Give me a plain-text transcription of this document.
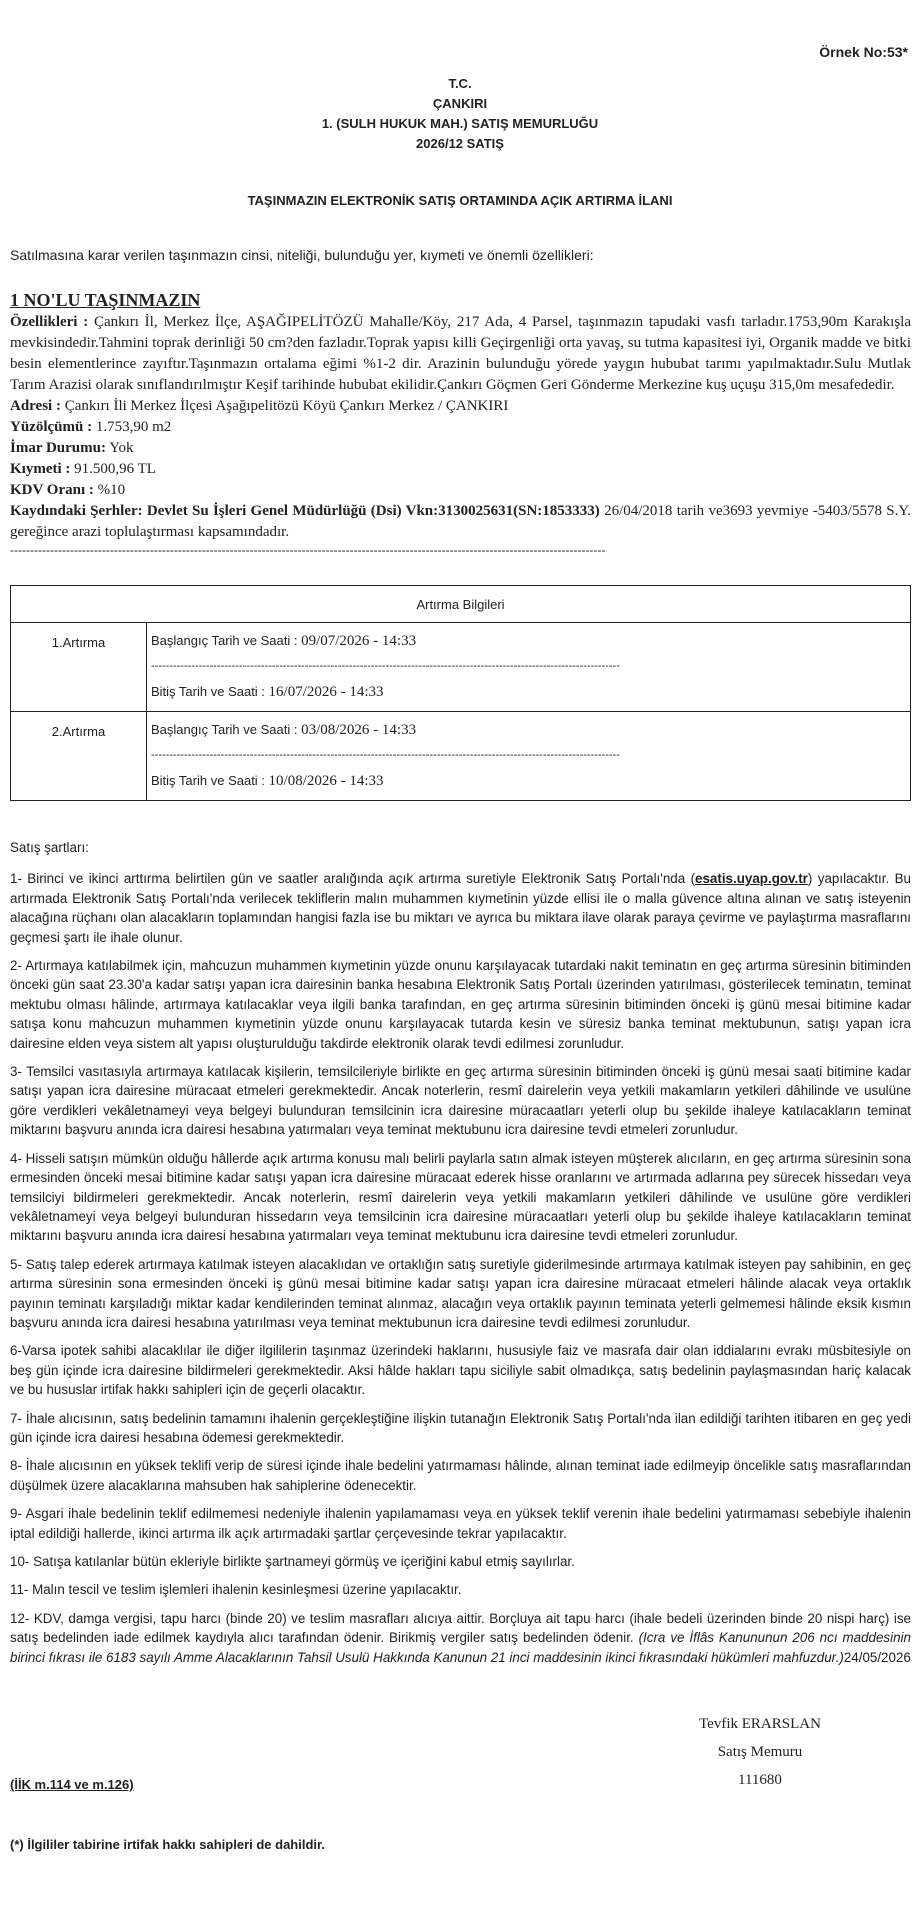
Örnek No:53*
T.C.
ÇANKIRI
1. (SULH HUKUK MAH.) SATIŞ MEMURLUĞU
2026/12 SATIŞ
TAŞINMAZIN ELEKTRONİK SATIŞ ORTAMINDA AÇIK ARTIRMA İLANI
Satılmasına karar verilen taşınmazın cinsi, niteliği, bulunduğu yer, kıymeti ve önemli özellikleri:
1 NO'LU TAŞINMAZIN
Özellikleri : Çankırı İl, Merkez İlçe, AŞAĞIPELİTÖZÜ Mahalle/Köy, 217 Ada, 4 Parsel, taşınmazın tapudaki vasfı tarladır.1753,90m Karakışla mevkisindedir.Tahmini toprak derinliği 50 cm?den fazladır.Toprak yapısı killi Geçirgenliği orta yavaş, su tutma kapasitesi iyi, Organik madde ve bitki besin elementlerince zayıftır.Taşınmazın ortalama eğimi %1-2 dir. Arazinin bulunduğu yörede yaygın hububat tarımı yapılmaktadır.Sulu Mutlak Tarım Arazisi olarak sınıflandırılmıştır Keşif tarihinde hububat ekilidir.Çankırı Göçmen Geri Gönderme Merkezine kuş uçuşu 315,0m mesafededir.
Adresi : Çankırı İli Merkez İlçesi Aşağıpelitözü Köyü Çankırı Merkez / ÇANKIRI
Yüzölçümü : 1.753,90 m2
İmar Durumu: Yok
Kıymeti : 91.500,96 TL
KDV Oranı : %10
Kaydındaki Şerhler: Devlet Su İşleri Genel Müdürlüğü (Dsi) Vkn:3130025631(SN:1853333) 26/04/2018 tarih ve3693 yevmiye -5403/5578 S.Y. gereğince arazi toplulaştırması kapsamındadır.
-----------------------------------------------------------------------------------------------------------------------------------------------------
Artırma Bilgileri	
1.Artırma	Başlangıç Tarih ve Saati : 09/07/2026 - 14:33
--------------------------------------------------------------------------------------------------------------------------------
Bitiş Tarih ve Saati : 16/07/2026 - 14:33

2.Artırma	Başlangıç Tarih ve Saati : 03/08/2026 - 14:33
--------------------------------------------------------------------------------------------------------------------------------
Bitiş Tarih ve Saati : 10/08/2026 - 14:33

Satış şartları:

1- Birinci ve ikinci arttırma belirtilen gün ve saatler aralığında açık artırma suretiyle Elektronik Satış Portalı'nda (esatis.uyap.gov.tr) yapılacaktır. Bu artırmada Elektronik Satış Portalı'nda verilecek tekliflerin malın muhammen kıymetinin yüzde ellisi ile o malla güvence altına alınan ve satış isteyenin alacağına rüçhanı olan alacakların toplamından hangisi fazla ise bu miktarı ve ayrıca bu miktara ilave olarak paraya çevirme ve paylaştırma masraflarını geçmesi şartı ile ihale olunur.

2- Artırmaya katılabilmek için, mahcuzun muhammen kıymetinin yüzde onunu karşılayacak tutardaki nakit teminatın en geç artırma süresinin bitiminden önceki gün saat 23.30'a kadar satışı yapan icra dairesinin banka hesabına Elektronik Satış Portalı üzerinden yatırılması, gösterilecek teminatın, teminat mektubu olması hâlinde, artırmaya katılacaklar veya ilgili banka tarafından, en geç artırma süresinin bitiminden önceki iş günü mesai bitimine kadar satışa konu mahcuzun muhammen kıymetinin yüzde onunu karşılayacak tutarda kesin ve süresiz banka teminat mektubunun, satışı yapan icra dairesine elden veya sistem alt yapısı oluşturulduğu takdirde elektronik olarak tevdi edilmesi zorunludur.

3- Temsilci vasıtasıyla artırmaya katılacak kişilerin, temsilcileriyle birlikte en geç artırma süresinin bitiminden önceki iş günü mesai saati bitimine kadar satışı yapan icra dairesine müracaat etmeleri gerekmektedir. Ancak noterlerin, resmî dairelerin veya yetkili makamların yetkileri dâhilinde ve usulüne göre verdikleri vekâletnameyi veya belgeyi bulunduran temsilcinin icra dairesine müracaatları yeterli olup bu şekilde ihaleye katılacakların teminat miktarını başvuru anında icra dairesi hesabına yatırmaları veya teminat mektubunu icra dairesine tevdi etmeleri zorunludur.

4- Hisseli satışın mümkün olduğu hâllerde açık artırma konusu malı belirli paylarla satın almak isteyen müşterek alıcıların, en geç artırma süresinin sona ermesinden önceki mesai bitimine kadar satışı yapan icra dairesine müracaat ederek hisse oranlarını ve artırmada adlarına pey sürecek hissedarı veya temsilciyi bildirmeleri gerekmektedir. Ancak noterlerin, resmî dairelerin veya yetkili makamların yetkileri dâhilinde ve usulüne göre verdikleri vekâletnameyi veya belgeyi bulunduran hissedarın veya temsilcinin icra dairesine müracaatları yeterli olup bu şekilde ihaleye katılacakların teminat miktarını başvuru anında icra dairesi hesabına yatırmaları veya teminat mektubunu icra dairesine tevdi etmeleri zorunludur.

5- Satış talep ederek artırmaya katılmak isteyen alacaklıdan ve ortaklığın satış suretiyle giderilmesinde artırmaya katılmak isteyen pay sahibinin, en geç artırma süresinin sona ermesinden önceki iş günü mesai bitimine kadar satışı yapan icra dairesine müracaat etmeleri hâlinde alacak veya ortaklık payının teminatı karşıladığı miktar kadar kendilerinden teminat alınmaz, alacağın veya ortaklık payının teminata yeterli gelmemesi hâlinde eksik kısmın başvuru anında icra dairesi hesabına yatırılması veya teminat mektubunun icra dairesine tevdi edilmesi zorunludur.

6-Varsa ipotek sahibi alacaklılar ile diğer ilgililerin taşınmaz üzerindeki haklarını, hususiyle faiz ve masrafa dair olan iddialarını evrakı müsbitesiyle on beş gün içinde icra dairesine bildirmeleri gerekmektedir. Aksi hâlde hakları tapu siciliyle sabit olmadıkça, satış bedelinin paylaşmasından hariç kalacak ve bu hususlar irtifak hakkı sahipleri için de geçerli olacaktır.

7- İhale alıcısının, satış bedelinin tamamını ihalenin gerçekleştiğine ilişkin tutanağın Elektronik Satış Portalı'nda ilan edildiği tarihten itibaren en geç yedi gün içinde icra dairesi hesabına ödemesi gerekmektedir.

8- İhale alıcısının en yüksek teklifi verip de süresi içinde ihale bedelini yatırmaması hâlinde, alınan teminat iade edilmeyip öncelikle satış masraflarından düşülmek üzere alacaklarına mahsuben hak sahiplerine ödenecektir.

9- Asgari ihale bedelinin teklif edilmemesi nedeniyle ihalenin yapılamaması veya en yüksek teklif verenin ihale bedelini yatırmaması sebebiyle ihalenin iptal edildiği hallerde, ikinci artırma ilk açık artırmadaki şartlar çerçevesinde tekrar yapılacaktır.

10- Satışa katılanlar bütün ekleriyle birlikte şartnameyi görmüş ve içeriğini kabul etmiş sayılırlar.

11- Malın tescil ve teslim işlemleri ihalenin kesinleşmesi üzerine yapılacaktır.

12- KDV, damga vergisi, tapu harcı (binde 20) ve teslim masrafları alıcıya aittir. Borçluya ait tapu harcı (ihale bedeli üzerinden binde 20 nispi harç) ise satış bedelinden iade edilmek kaydıyla alıcı tarafından ödenir. Birikmiş vergiler satış bedelinden ödenir. (Icra ve İflâs Kanununun 206 ncı maddesinin birinci fıkrası ile 6183 sayılı Amme Alacaklarının Tahsil Usulü Hakkında Kanunun 21 inci maddesinin ikinci fıkrasındaki hükümleri mahfuzdur.)24/05/2026

Tevfik ERARSLAN
Satış Memuru
111680
(İİK m.114 ve m.126)
(*) İlgililer tabirine irtifak hakkı sahipleri de dahildir.
